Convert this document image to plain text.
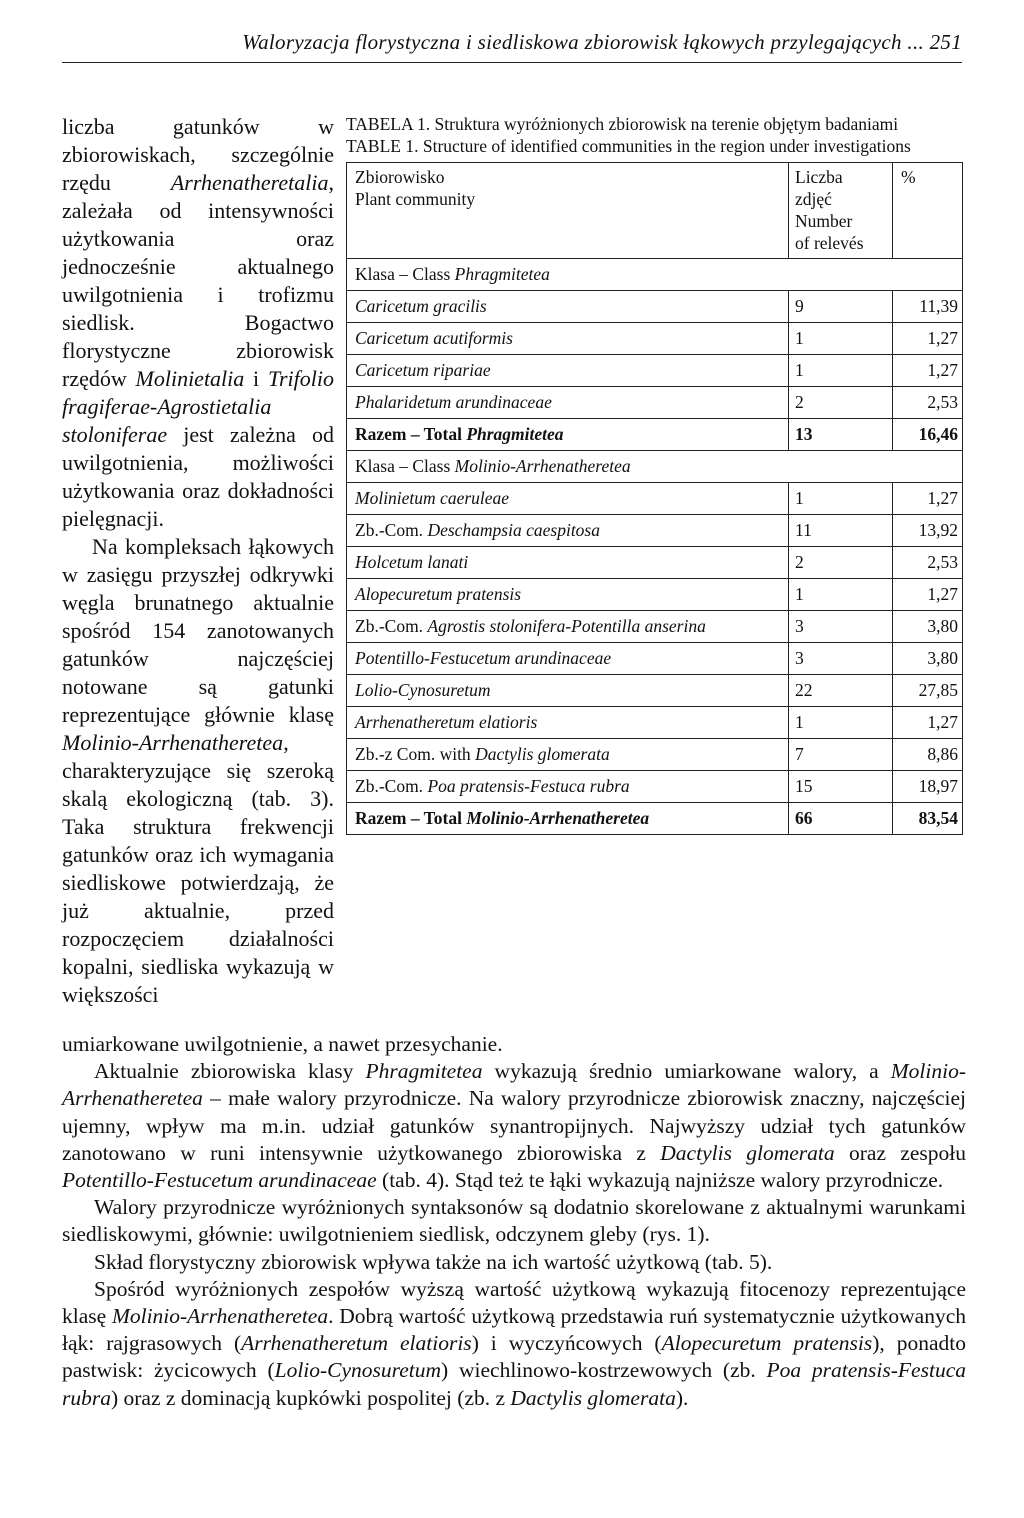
Waloryzacja florystyczna i siedliskowa zbiorowisk łąkowych przylegających ... 251

liczba gatunków w zbiorowiskach, szczególnie rzędu Arrhenatheretalia, zależała od intensywności użytkowania oraz jednocześnie aktualnego uwilgotnienia i trofizmu siedlisk. Bogactwo florystyczne zbiorowisk rzędów Molinietalia i Trifolio fragiferae-Agrostietalia stoloniferae jest zależna od uwilgotnienia, możliwości użytkowania oraz dokładności pielęgnacji.

Na kompleksach łąkowych w zasięgu przyszłej odkrywki węgla brunatnego aktualnie spośród 154 zanotowanych gatunków najczęściej notowane są gatunki reprezentujące głównie klasę Molinio-Arrhenatheretea, charakteryzujące się szeroką skalą ekologiczną (tab. 3). Taka struktura frekwencji gatunków oraz ich wymagania siedliskowe potwierdzają, że już aktualnie, przed rozpoczęciem działalności kopalni, siedliska wykazują w większości

TABELA 1. Struktura wyróżnionych zbiorowisk na terenie objętym badaniami

TABLE 1. Structure of identified communities in the region under investigations

Zbiorowisko
Plant community	Liczba
zdjęć
Number
of relevés	%
Klasa – Class Phragmitetea		
Caricetum gracilis	9	11,39
Caricetum acutiformis	1	1,27
Caricetum ripariae	1	1,27
Phalaridetum arundinaceae	2	2,53
Razem – Total Phragmitetea	13	16,46
Klasa – Class Molinio-Arrhenatheretea		
Molinietum caeruleae	1	1,27
Zb.-Com. Deschampsia caespitosa	11	13,92
Holcetum lanati	2	2,53
Alopecuretum pratensis	1	1,27
Zb.-Com. Agrostis stolonifera-Potentilla anserina	3	3,80
Potentillo-Festucetum arundinaceae	3	3,80
Lolio-Cynosuretum	22	27,85
Arrhenatheretum elatioris	1	1,27
Zb.-z Com. with Dactylis glomerata	7	8,86
Zb.-Com. Poa pratensis-Festuca rubra	15	18,97
Razem – Total Molinio-Arrhenatheretea	66	83,54

umiarkowane uwilgotnienie, a nawet przesychanie.

Aktualnie zbiorowiska klasy Phragmitetea wykazują średnio umiarkowane walory, a Molinio-Arrhenatheretea – małe walory przyrodnicze. Na walory przyrodnicze zbiorowisk znaczny, najczęściej ujemny, wpływ ma m.in. udział gatunków synantropijnych. Najwyższy udział tych gatunków zanotowano w runi intensywnie użytkowanego zbiorowiska z Dactylis glomerata oraz zespołu Potentillo-Festucetum arundinaceae (tab. 4). Stąd też te łąki wykazują najniższe walory przyrodnicze.

Walory przyrodnicze wyróżnionych syntaksonów są dodatnio skorelowane z aktualnymi warunkami siedliskowymi, głównie: uwilgotnieniem siedlisk, odczynem gleby (rys. 1).

Skład florystyczny zbiorowisk wpływa także na ich wartość użytkową (tab. 5).

Spośród wyróżnionych zespołów wyższą wartość użytkową wykazują fitocenozy reprezentujące klasę Molinio-Arrhenatheretea. Dobrą wartość użytkową przedstawia ruń systematycznie użytkowanych łąk: rajgrasowych (Arrhenatheretum elatioris) i wyczyńcowych (Alopecuretum pratensis), ponadto pastwisk: życicowych (Lolio-Cynosuretum) wiechlinowo-kostrzewowych (zb. Poa pratensis-Festuca rubra) oraz z dominacją kupkówki pospolitej (zb. z Dactylis glomerata).
